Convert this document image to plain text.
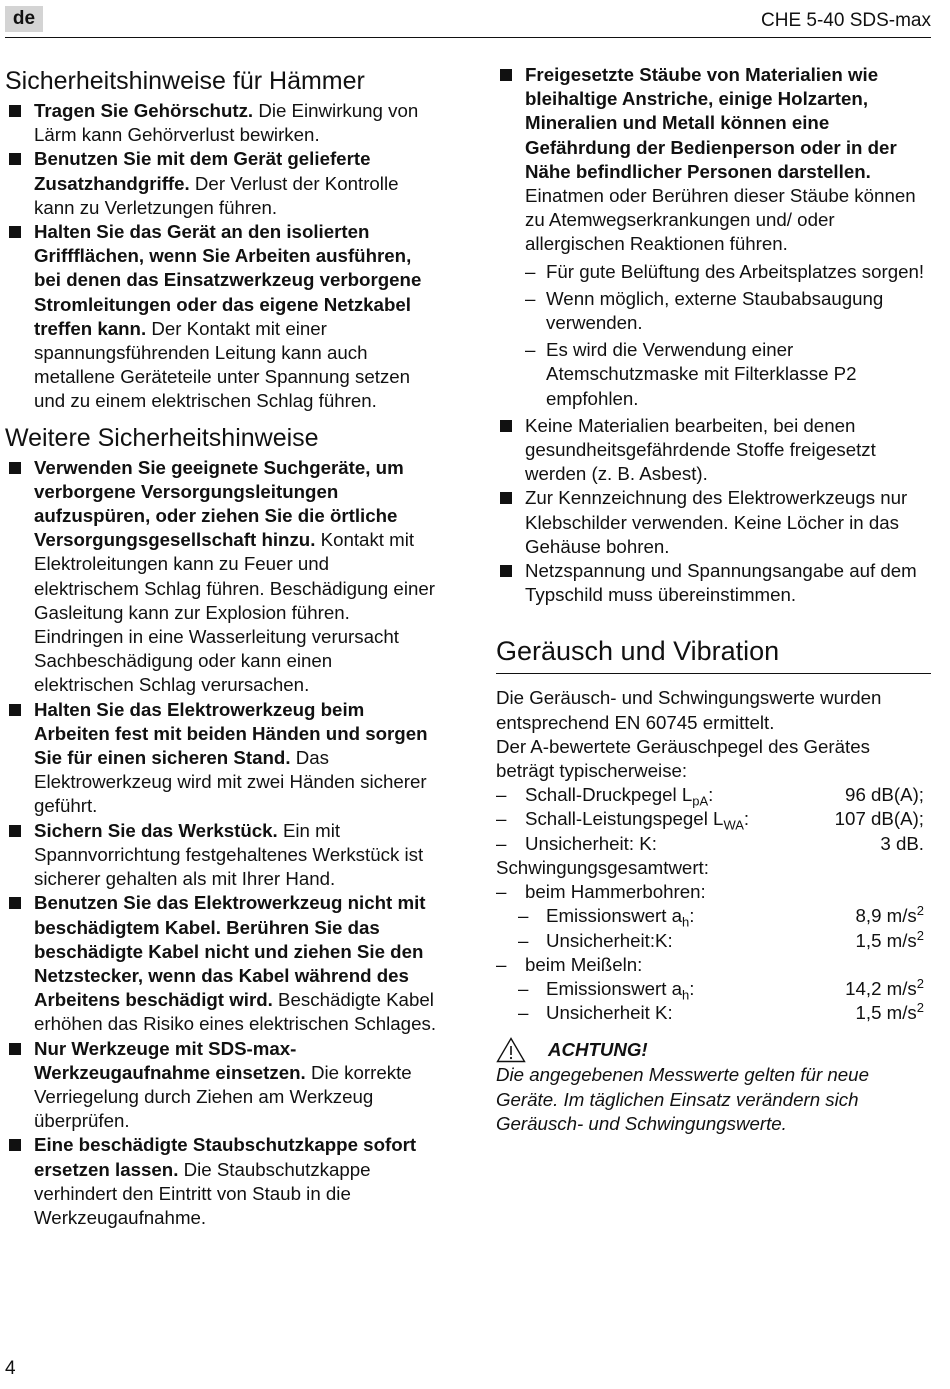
de	CHE 5-40 SDS-max
Sicherheitshinweise für Hämmer
Tragen Sie Gehörschutz. Die Einwirkung von Lärm kann Gehörverlust bewirken.
Benutzen Sie mit dem Gerät gelieferte Zusatzhandgriffe. Der Verlust der Kontrolle kann zu Verletzungen führen.
Halten Sie das Gerät an den isolierten Griffflächen, wenn Sie Arbeiten ausführen, bei denen das Einsatzwerkzeug verborgene Stromleitungen oder das eigene Netzkabel treffen kann. Der Kontakt mit einer spannungsführenden Leitung kann auch metallene Geräteteile unter Spannung setzen und zu einem elektrischen Schlag führen.
Weitere Sicherheitshinweise
Verwenden Sie geeignete Suchgeräte, um verborgene Versorgungsleitungen aufzuspüren, oder ziehen Sie die örtliche Versorgungsgesellschaft hinzu. Kontakt mit Elektroleitungen kann zu Feuer und elektrischem Schlag führen. Beschädigung einer Gasleitung kann zur Explosion führen. Eindringen in eine Wasserleitung verursacht Sachbeschädigung oder kann einen elektrischen Schlag verursachen.
Halten Sie das Elektrowerkzeug beim Arbeiten fest mit beiden Händen und sorgen Sie für einen sicheren Stand. Das Elektrowerkzeug wird mit zwei Händen sicherer geführt.
Sichern Sie das Werkstück. Ein mit Spannvorrichtung festgehaltenes Werkstück ist sicherer gehalten als mit Ihrer Hand.
Benutzen Sie das Elektrowerkzeug nicht mit beschädigtem Kabel. Berühren Sie das beschädigte Kabel nicht und ziehen Sie den Netzstecker, wenn das Kabel während des Arbeitens beschädigt wird. Beschädigte Kabel erhöhen das Risiko eines elektrischen Schlages.
Nur Werkzeuge mit SDS-max-Werkzeugaufnahme einsetzen. Die korrekte Verriegelung durch Ziehen am Werkzeug überprüfen.
Eine beschädigte Staubschutzkappe sofort ersetzen lassen. Die Staubschutzkappe verhindert den Eintritt von Staub in die Werkzeugaufnahme.
Freigesetzte Stäube von Materialien wie bleihaltige Anstriche, einige Holzarten, Mineralien und Metall können eine Gefährdung der Bedienperson oder in der Nähe befindlicher Personen darstellen. Einatmen oder Berühren dieser Stäube können zu Atemwegserkrankungen und/ oder allergischen Reaktionen führen.
– Für gute Belüftung des Arbeitsplatzes sorgen!
– Wenn möglich, externe Staubabsaugung verwenden.
– Es wird die Verwendung einer Atemschutzmaske mit Filterklasse P2 empfohlen.
Keine Materialien bearbeiten, bei denen gesundheitsgefährdende Stoffe freigesetzt werden (z. B. Asbest).
Zur Kennzeichnung des Elektrowerkzeugs nur Klebschilder verwenden. Keine Löcher in das Gehäuse bohren.
Netzspannung und Spannungsangabe auf dem Typschild muss übereinstimmen.
Geräusch und Vibration

Die Geräusch- und Schwingungswerte wurden entsprechend EN 60745 ermittelt.

Der A-bewertete Geräuschpegel des Gerätes beträgt typischerweise:

– Schall-Druckpegel $L_{pA}$:	96 dB(A);
– Schall-Leistungspegel $L_{WA}$:	107 dB(A);
– Unsicherheit: K:	3 dB.

Schwingungsgesamtwert:

– beim Hammerbohren:
– Emissionswert $a_h$:	8,9 $m/s^2$
– Unsicherheit:K:	1,5 $m/s^2$
– beim Meißeln:
– Emissionswert $a_h$:	14,2 $m/s^2$
– Unsicherheit K:	1,5 $m/s^2$
ACHTUNG!

Die angegebenen Messwerte gelten für neue Geräte. Im täglichen Einsatz verändern sich Geräusch- und Schwingungswerte.

4
